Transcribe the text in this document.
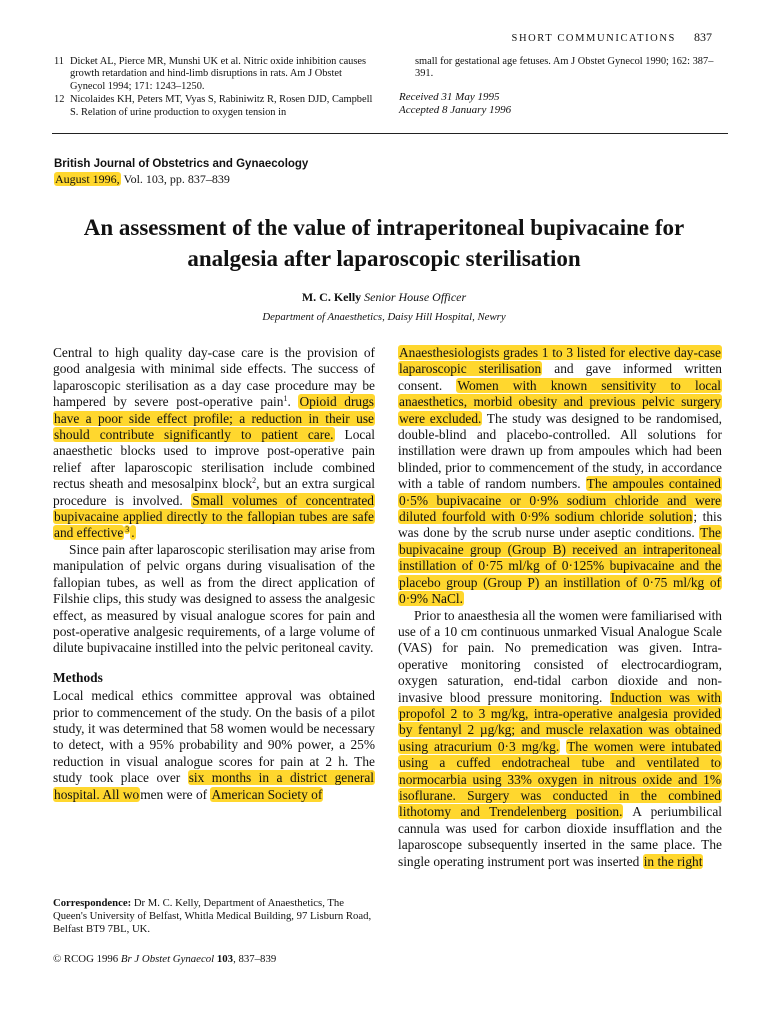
SHORT COMMUNICATIONS 837
11 Dicket AL, Pierce MR, Munshi UK et al. Nitric oxide inhibition causes growth retardation and hind-limb disruptions in rats. Am J Obstet Gynecol 1994; 171: 1243–1250.
12 Nicolaides KH, Peters MT, Vyas S, Rabiniwitz R, Rosen DJD, Campbell S. Relation of urine production to oxygen tension in
small for gestational age fetuses. Am J Obstet Gynecol 1990; 162: 387–391.
Received 31 May 1995
Accepted 8 January 1996
British Journal of Obstetrics and Gynaecology
August 1996, Vol. 103, pp. 837–839
An assessment of the value of intraperitoneal bupivacaine for analgesia after laparoscopic sterilisation
M. C. Kelly Senior House Officer
Department of Anaesthetics, Daisy Hill Hospital, Newry

Central to high quality day-case care is the provision of good analgesia with minimal side effects. The success of laparoscopic sterilisation as a day case procedure may be hampered by severe post-operative pain$^1$. Opioid drugs have a poor side effect profile; a reduction in their use should contribute significantly to patient care. Local anaesthetic blocks used to improve post-operative pain relief after laparoscopic sterilisation include combined rectus sheath and mesosalpinx block$^2$, but an extra surgical procedure is involved. Small volumes of concentrated bupivacaine applied directly to the fallopian tubes are safe and effective $^3$ .

Since pain after laparoscopic sterilisation may arise from manipulation of pelvic organs during visualisation of the fallopian tubes, as well as from the direct application of Filshie clips, this study was designed to assess the analgesic effect, as measured by visual analogue scores for pain and post-operative analgesic requirements, of a large volume of dilute bupivacaine instilled into the pelvic peritoneal cavity.

Methods

Local medical ethics committee approval was obtained prior to commencement of the study. On the basis of a pilot study, it was determined that 58 women would be necessary to detect, with a 95% probability and 90% power, a 25% reduction in visual analogue scores for pain at 2 h. The study took place over six months in a district general hospital. All women were of American Society of

Anaesthesiologists grades 1 to 3 listed for elective day-case laparoscopic sterilisation and gave informed written consent. Women with known sensitivity to local anaesthetics, morbid obesity and previous pelvic surgery were excluded. The study was designed to be randomised, double-blind and placebo-controlled. All solutions for instillation were drawn up from ampoules which had been blinded, prior to commencement of the study, in accordance with a table of random numbers. The ampoules contained 0·5% bupivacaine or 0·9% sodium chloride and were diluted fourfold with 0·9% sodium chloride solution; this was done by the scrub nurse under aseptic conditions. The bupivacaine group (Group B) received an intraperitoneal instillation of 0·75 ml/kg of 0·125% bupivacaine and the placebo group (Group P) an instillation of 0·75 ml/kg of 0·9% NaCl.

Prior to anaesthesia all the women were familiarised with use of a 10 cm continuous unmarked Visual Analogue Scale (VAS) for pain. No premedication was given. Intra-operative monitoring consisted of electrocardiogram, oxygen saturation, end-tidal carbon dioxide and non-invasive blood pressure monitoring. Induction was with propofol 2 to 3 mg/kg, intra-operative analgesia provided by fentanyl 2 µg/kg; and muscle relaxation was obtained using atracurium 0·3 mg/kg. The women were intubated using a cuffed endotracheal tube and ventilated to normocarbia using 33% oxygen in nitrous oxide and 1% isoflurane. Surgery was conducted in the combined lithotomy and Trendelenberg position. A periumbilical cannula was used for carbon dioxide insufflation and the laparoscope subsequently inserted in the same place. The single operating instrument port was inserted in the right

Correspondence: Dr M. C. Kelly, Department of Anaesthetics, The Queen's University of Belfast, Whitla Medical Building, 97 Lisburn Road, Belfast BT9 7BL, UK.
© RCOG 1996 Br J Obstet Gynaecol 103, 837–839
